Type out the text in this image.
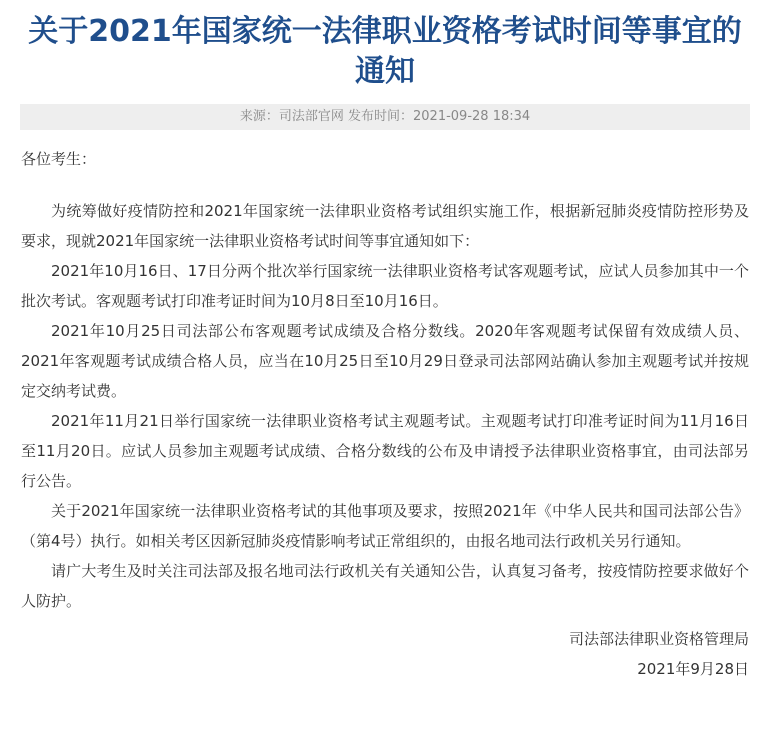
关于2021年国家统一法律职业资格考试时间等事宜的通知
来源：司法部官网 发布时间：2021-09-28 18:34

各位考生：

为统筹做好疫情防控和2021年国家统一法律职业资格考试组织实施工作，根据新冠肺炎疫情防控形势及要求，现就2021年国家统一法律职业资格考试时间等事宜通知如下：

2021年10月16日、17日分两个批次举行国家统一法律职业资格考试客观题考试，应试人员参加其中一个批次考试。客观题考试打印准考证时间为10月8日至10月16日。

2021年10月25日司法部公布客观题考试成绩及合格分数线。2020年客观题考试保留有效成绩人员、2021年客观题考试成绩合格人员，应当在10月25日至10月29日登录司法部网站确认参加主观题考试并按规定交纳考试费。

2021年11月21日举行国家统一法律职业资格考试主观题考试。主观题考试打印准考证时间为11月16日至11月20日。应试人员参加主观题考试成绩、合格分数线的公布及申请授予法律职业资格事宜，由司法部另行公告。

关于2021年国家统一法律职业资格考试的其他事项及要求，按照2021年《中华人民共和国司法部公告》（第4号）执行。如相关考区因新冠肺炎疫情影响考试正常组织的，由报名地司法行政机关另行通知。

请广大考生及时关注司法部及报名地司法行政机关有关通知公告，认真复习备考，按疫情防控要求做好个人防护。

司法部法律职业资格管理局

2021年9月28日
